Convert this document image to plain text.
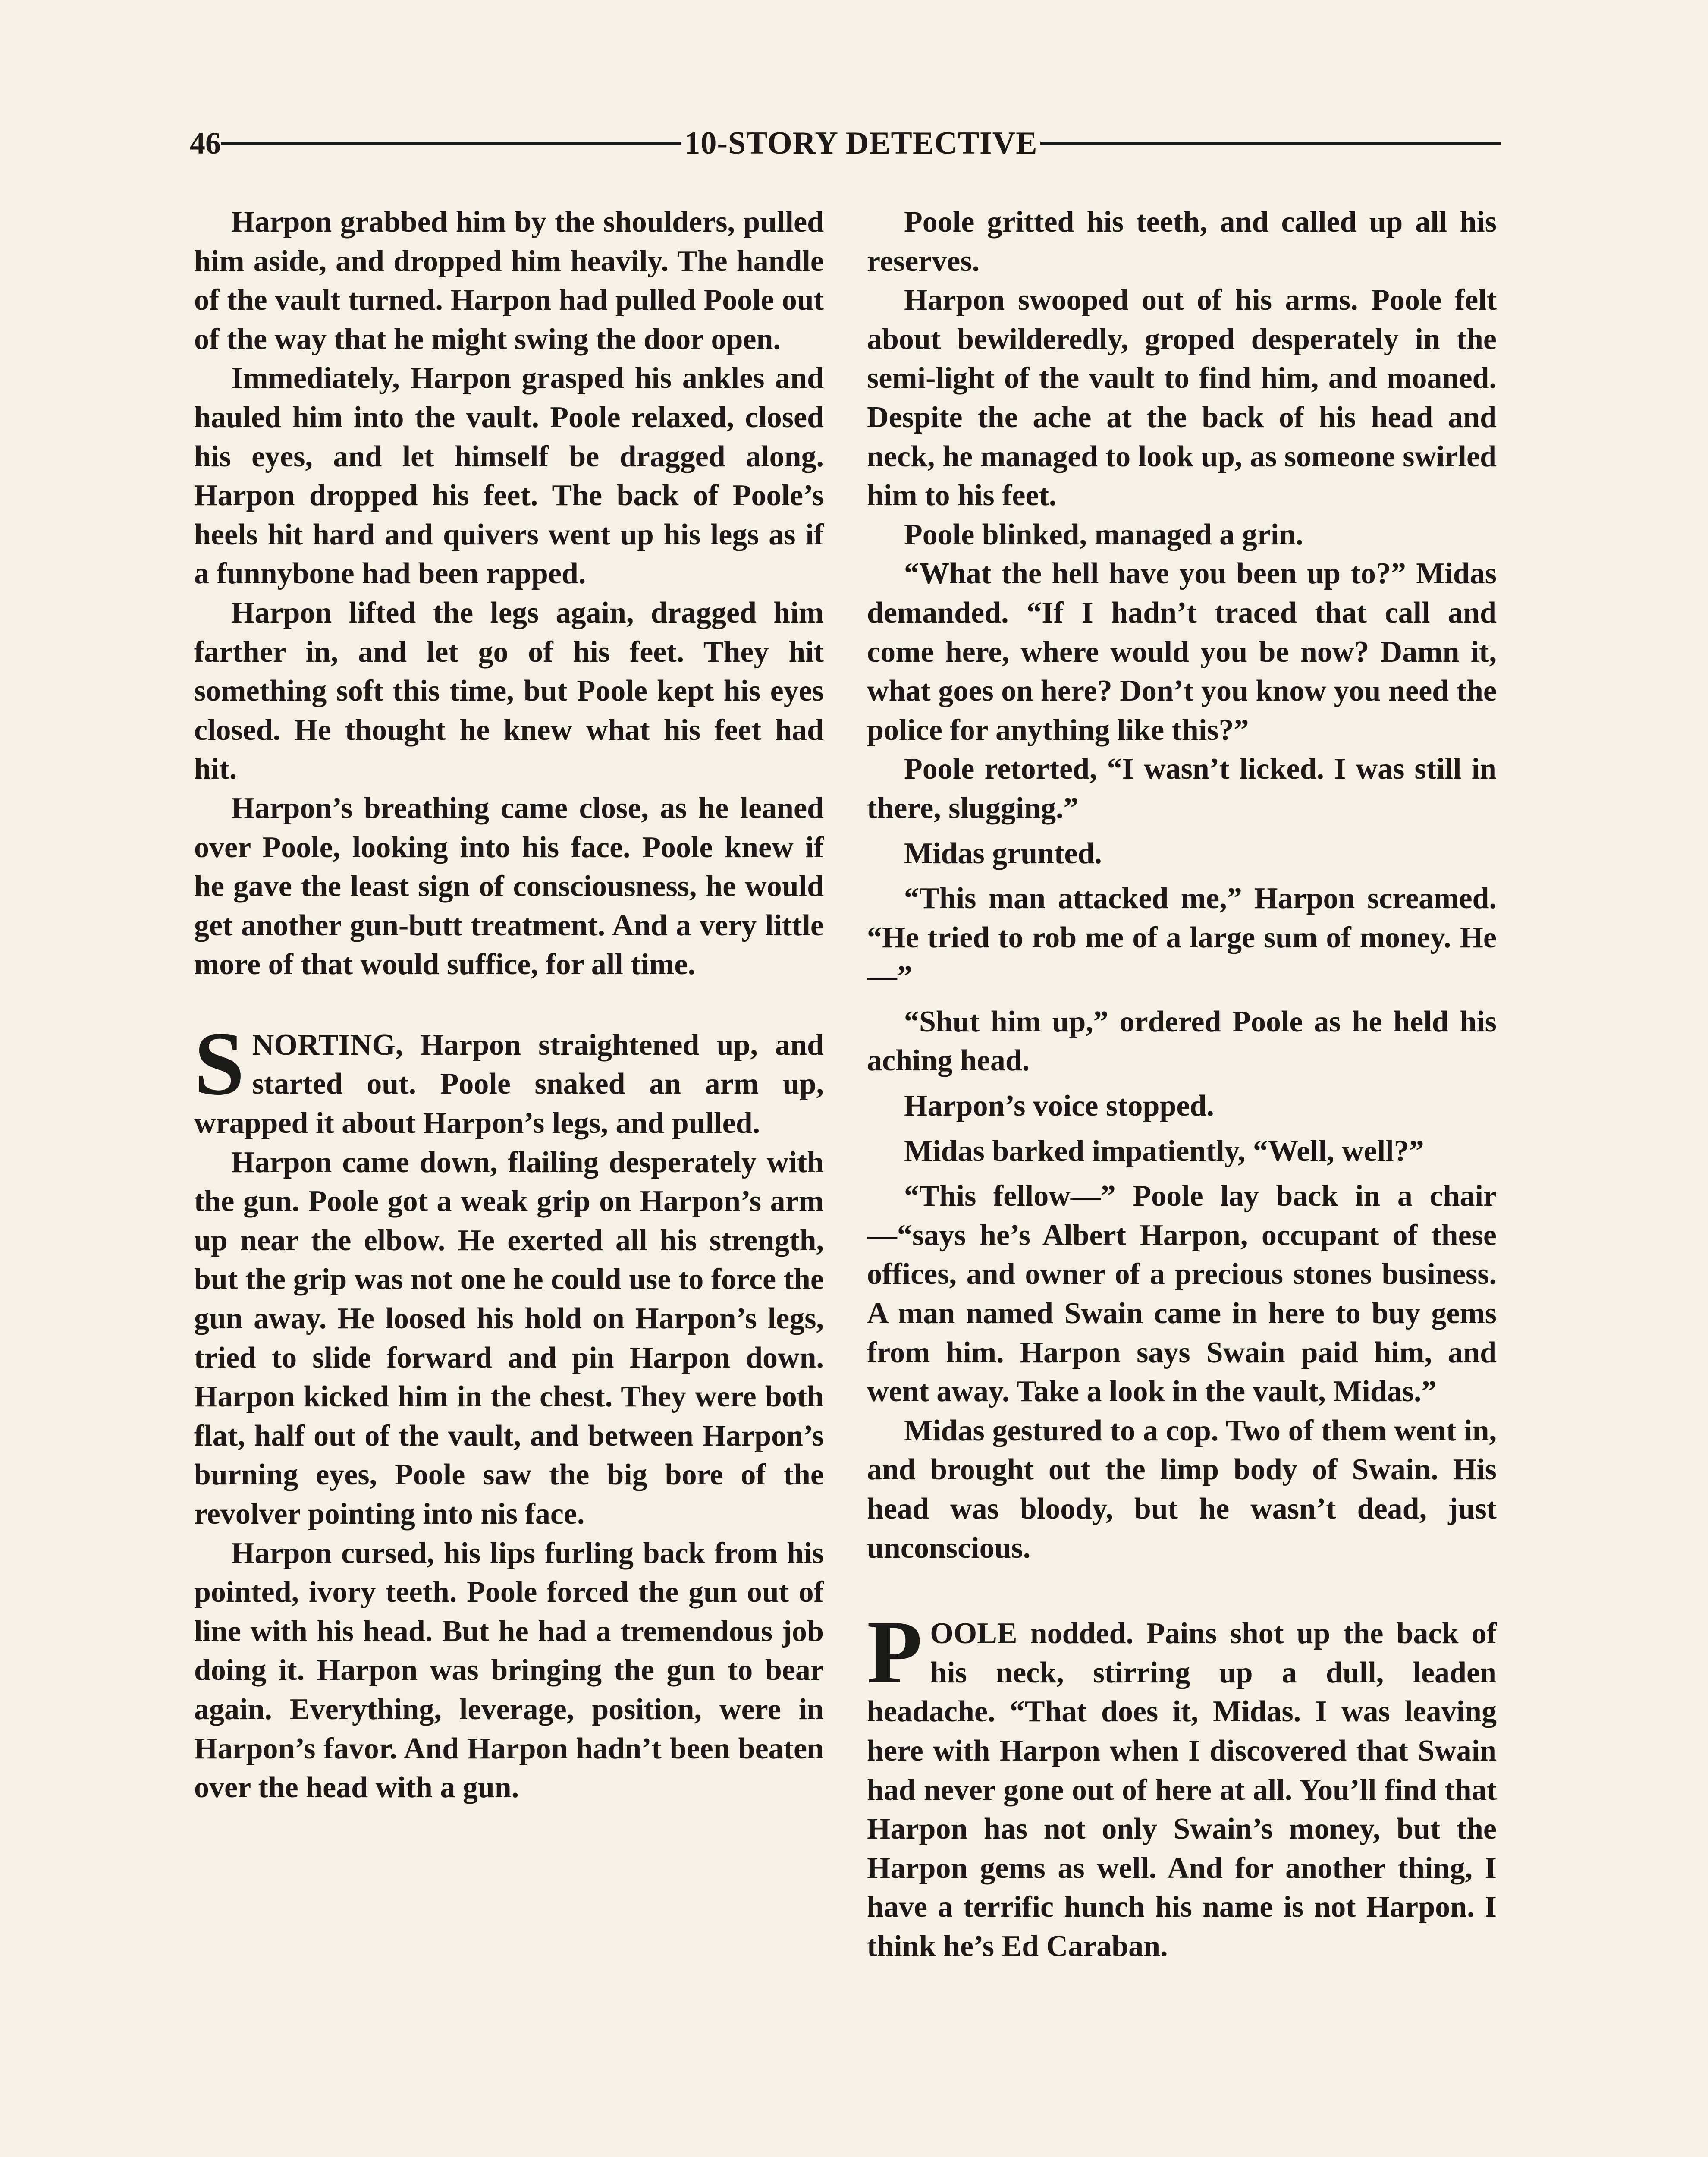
46	10-STORY DETECTIVE

Harpon grabbed him by the shoulders, pulled him aside, and dropped him heavily. The handle of the vault turned. Harpon had pulled Poole out of the way that he might swing the door open.

Immediately, Harpon grasped his ankles and hauled him into the vault. Poole relaxed, closed his eyes, and let himself be dragged along. Harpon dropped his feet. The back of Poole’s heels hit hard and quivers went up his legs as if a funnybone had been rapped.

Harpon lifted the legs again, dragged him farther in, and let go of his feet. They hit something soft this time, but Poole kept his eyes closed. He thought he knew what his feet had hit.

Harpon’s breathing came close, as he leaned over Poole, looking into his face. Poole knew if he gave the least sign of consciousness, he would get another gun-butt treatment. And a very little more of that would suffice, for all time.

SNORTING, Harpon straightened up, and started out. Poole snaked an arm up, wrapped it about Harpon’s legs, and pulled.

Harpon came down, flailing desperately with the gun. Poole got a weak grip on Harpon’s arm up near the elbow. He exerted all his strength, but the grip was not one he could use to force the gun away. He loosed his hold on Harpon’s legs, tried to slide forward and pin Harpon down. Harpon kicked him in the chest. They were both flat, half out of the vault, and between Harpon’s burning eyes, Poole saw the big bore of the revolver pointing into nis face.

Harpon cursed, his lips furling back from his pointed, ivory teeth. Poole forced the gun out of line with his head. But he had a tremendous job doing it. Harpon was bringing the gun to bear again. Everything, leverage, position, were in Harpon’s favor. And Harpon hadn’t been beaten over the head with a gun.

Poole gritted his teeth, and called up all his reserves.

Harpon swooped out of his arms. Poole felt about bewilderedly, groped desperately in the semi-light of the vault to find him, and moaned. Despite the ache at the back of his head and neck, he managed to look up, as someone swirled him to his feet.

Poole blinked, managed a grin.

“What the hell have you been up to?” Midas demanded. “If I hadn’t traced that call and come here, where would you be now? Damn it, what goes on here? Don’t you know you need the police for anything like this?”

Poole retorted, “I wasn’t licked. I was still in there, slugging.”

Midas grunted.

“This man attacked me,” Harpon screamed. “He tried to rob me of a large sum of money. He—”

“Shut him up,” ordered Poole as he held his aching head.

Harpon’s voice stopped.

Midas barked impatiently, “Well, well?”

“This fellow—” Poole lay back in a chair—“says he’s Albert Harpon, occupant of these offices, and owner of a precious stones business. A man named Swain came in here to buy gems from him. Harpon says Swain paid him, and went away. Take a look in the vault, Midas.”

Midas gestured to a cop. Two of them went in, and brought out the limp body of Swain. His head was bloody, but he wasn’t dead, just unconscious.

POOLE nodded. Pains shot up the back of his neck, stirring up a dull, leaden headache. “That does it, Midas. I was leaving here with Harpon when I discovered that Swain had never gone out of here at all. You’ll find that Harpon has not only Swain’s money, but the Harpon gems as well. And for another thing, I have a terrific hunch his name is not Harpon. I think he’s Ed Caraban.
